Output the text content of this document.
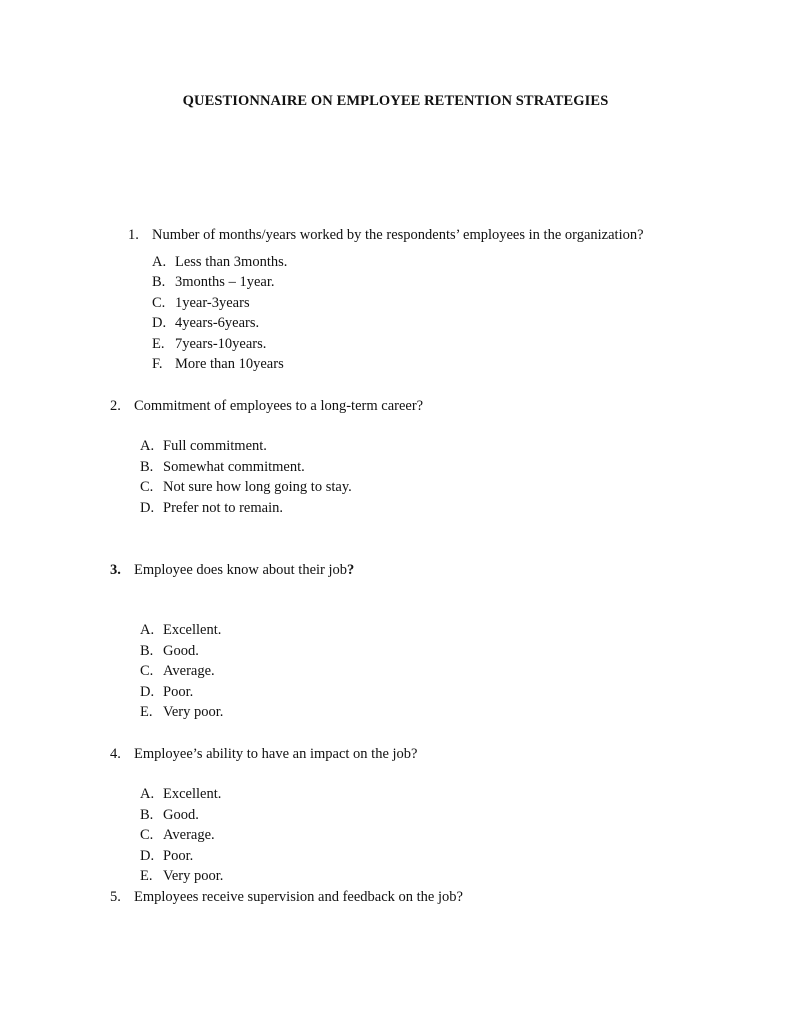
QUESTIONNAIRE ON EMPLOYEE RETENTION STRATEGIES
1. Number of months/years worked by the respondents’ employees in the organization?
A. Less than 3months.
B. 3months – 1year.
C. 1year-3years
D. 4years-6years.
E. 7years-10years.
F. More than 10years
2. Commitment of employees to a long-term career?
A. Full commitment.
B. Somewhat commitment.
C. Not sure how long going to stay.
D. Prefer not to remain.
3. Employee does know about their job?
A. Excellent.
B. Good.
C. Average.
D. Poor.
E. Very poor.
4. Employee’s ability to have an impact on the job?
A. Excellent.
B. Good.
C. Average.
D. Poor.
E. Very poor.
5. Employees receive supervision and feedback on the job?
